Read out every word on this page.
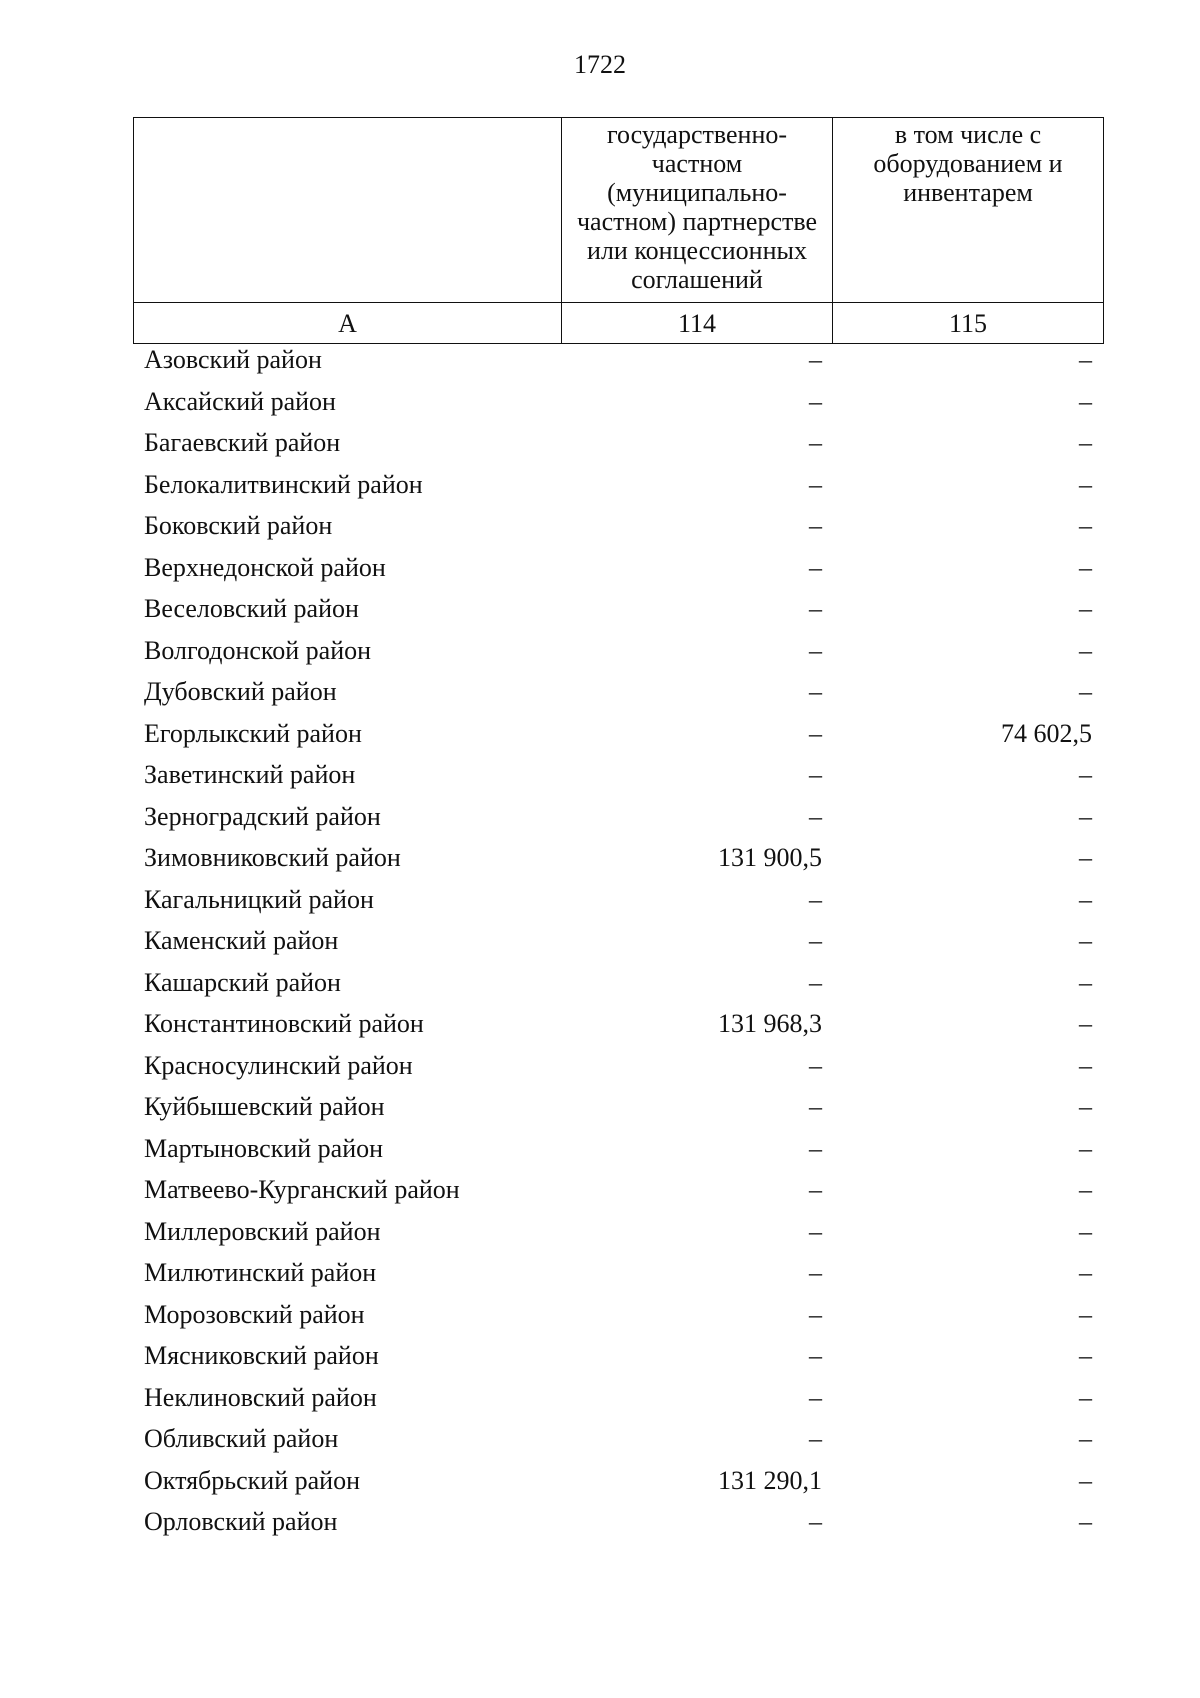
1722
	государственно-частном (муниципально-частном) партнерстве или концессионных соглашений	в том числе с оборудованием и инвентарем
А	114	115
Азовский район	–	–
Аксайский район	–	–
Багаевский район	–	–
Белокалитвинский район	–	–
Боковский район	–	–
Верхнедонской район	–	–
Веселовский район	–	–
Волгодонской район	–	–
Дубовский район	–	–
Егорлыкский район	–	74 602,5
Заветинский район	–	–
Зерноградский район	–	–
Зимовниковский район	131 900,5	–
Кагальницкий район	–	–
Каменский район	–	–
Кашарский район	–	–
Константиновский район	131 968,3	–
Красносулинский район	–	–
Куйбышевский район	–	–
Мартыновский район	–	–
Матвеево-Курганский район	–	–
Миллеровский район	–	–
Милютинский район	–	–
Морозовский район	–	–
Мясниковский район	–	–
Неклиновский район	–	–
Обливский район	–	–
Октябрьский район	131 290,1	–
Орловский район	–	–
